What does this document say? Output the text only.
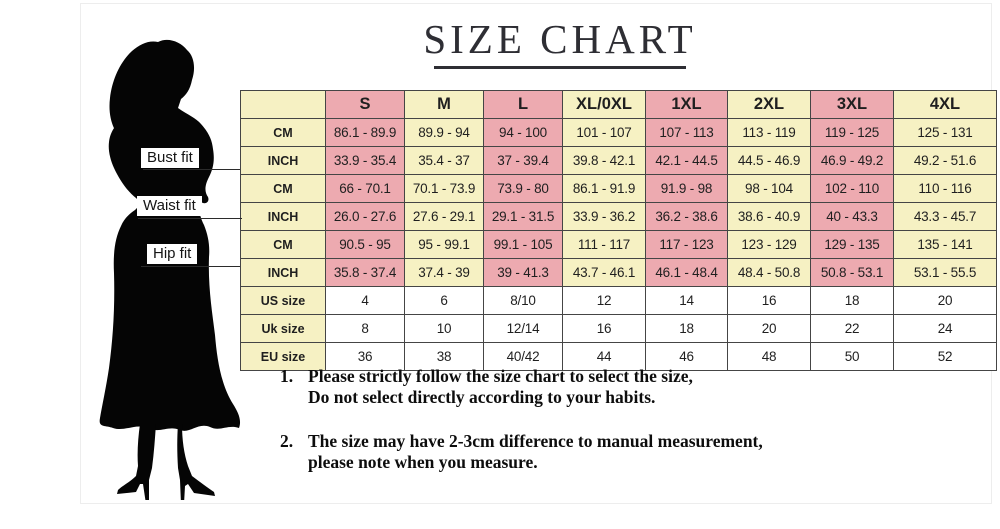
SIZE CHART
Bust fit
Waist fit
Hip fit
	S	M	L	XL/0XL	1XL	2XL	3XL	4XL
CM	86.1 - 89.9	89.9 - 94	94 - 100	101 - 107	107 - 113	113 - 119	119 - 125	125 - 131
INCH	33.9 - 35.4	35.4 - 37	37 - 39.4	39.8 - 42.1	42.1 - 44.5	44.5 - 46.9	46.9 - 49.2	49.2 - 51.6
CM	66 - 70.1	70.1 - 73.9	73.9 - 80	86.1 - 91.9	91.9 - 98	98 - 104	102 - 110	110 - 116
INCH	26.0 - 27.6	27.6 - 29.1	29.1 - 31.5	33.9 - 36.2	36.2 - 38.6	38.6 - 40.9	40 - 43.3	43.3 - 45.7
CM	90.5 - 95	95 - 99.1	99.1 - 105	111 - 117	117 - 123	123 - 129	129 - 135	135 - 141
INCH	35.8 - 37.4	37.4 - 39	39 - 41.3	43.7 - 46.1	46.1 - 48.4	48.4 - 50.8	50.8 - 53.1	53.1 - 55.5
US size	4	6	8/10	12	14	16	18	20
Uk size	8	10	12/14	16	18	20	22	24
EU size	36	38	40/42	44	46	48	50	52
1. Please strictly follow the size chart to select the size,
Do not select directly according to your habits.
2. The size may have 2-3cm difference to manual measurement,
please note when you measure.
